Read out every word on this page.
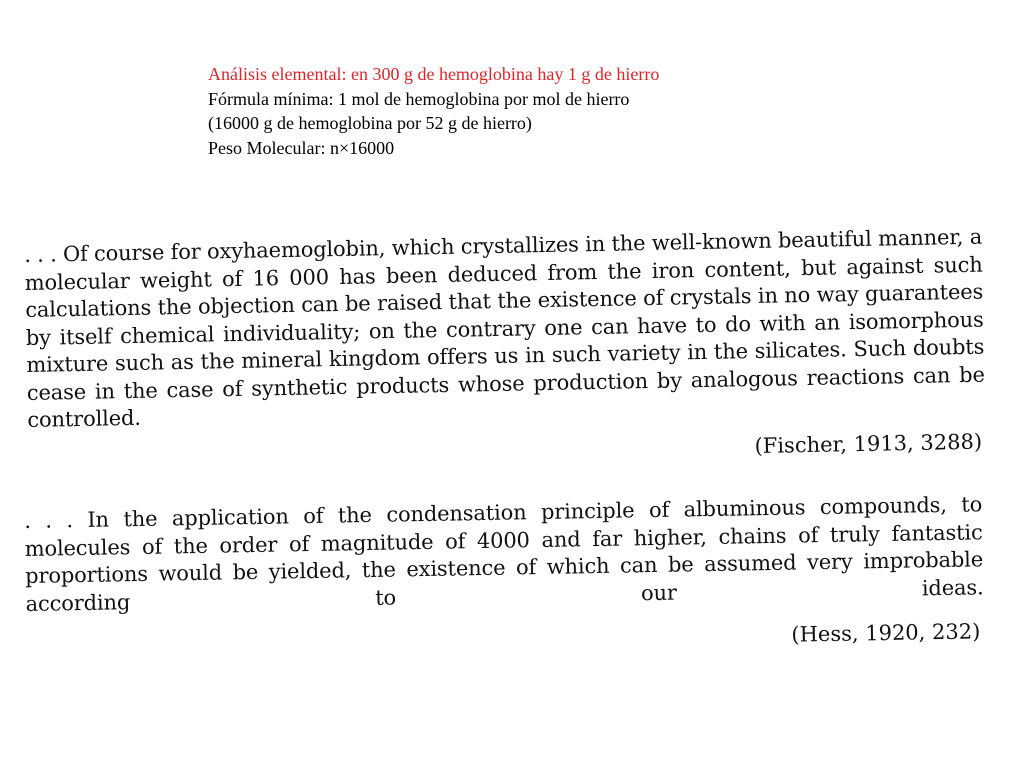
Análisis elemental: en 300 g de hemoglobina hay 1 g de hierro
Fórmula mínima: 1 mol de hemoglobina por mol de hierro
(16000 g de hemoglobina por 52 g de hierro)
Peso Molecular: n×16000
. . . Of course for oxyhaemoglobin, which crystallizes in the well-known beautiful manner, a molecular weight of 16 000 has been deduced from the iron content, but against such calculations the objection can be raised that the existence of crystals in no way guarantees by itself chemical individuality; on the contrary one can have to do with an isomorphous mixture such as the mineral kingdom offers us in such variety in the silicates. Such doubts cease in the case of synthetic products whose production by analogous reactions can be controlled.
(Fischer, 1913, 3288)
. . . In the application of the condensation principle of albuminous compounds, to molecules of the order of magnitude of 4000 and far higher, chains of truly fantastic proportions would be yielded, the existence of which can be assumed very improbable according to our ideas.
(Hess, 1920, 232)
